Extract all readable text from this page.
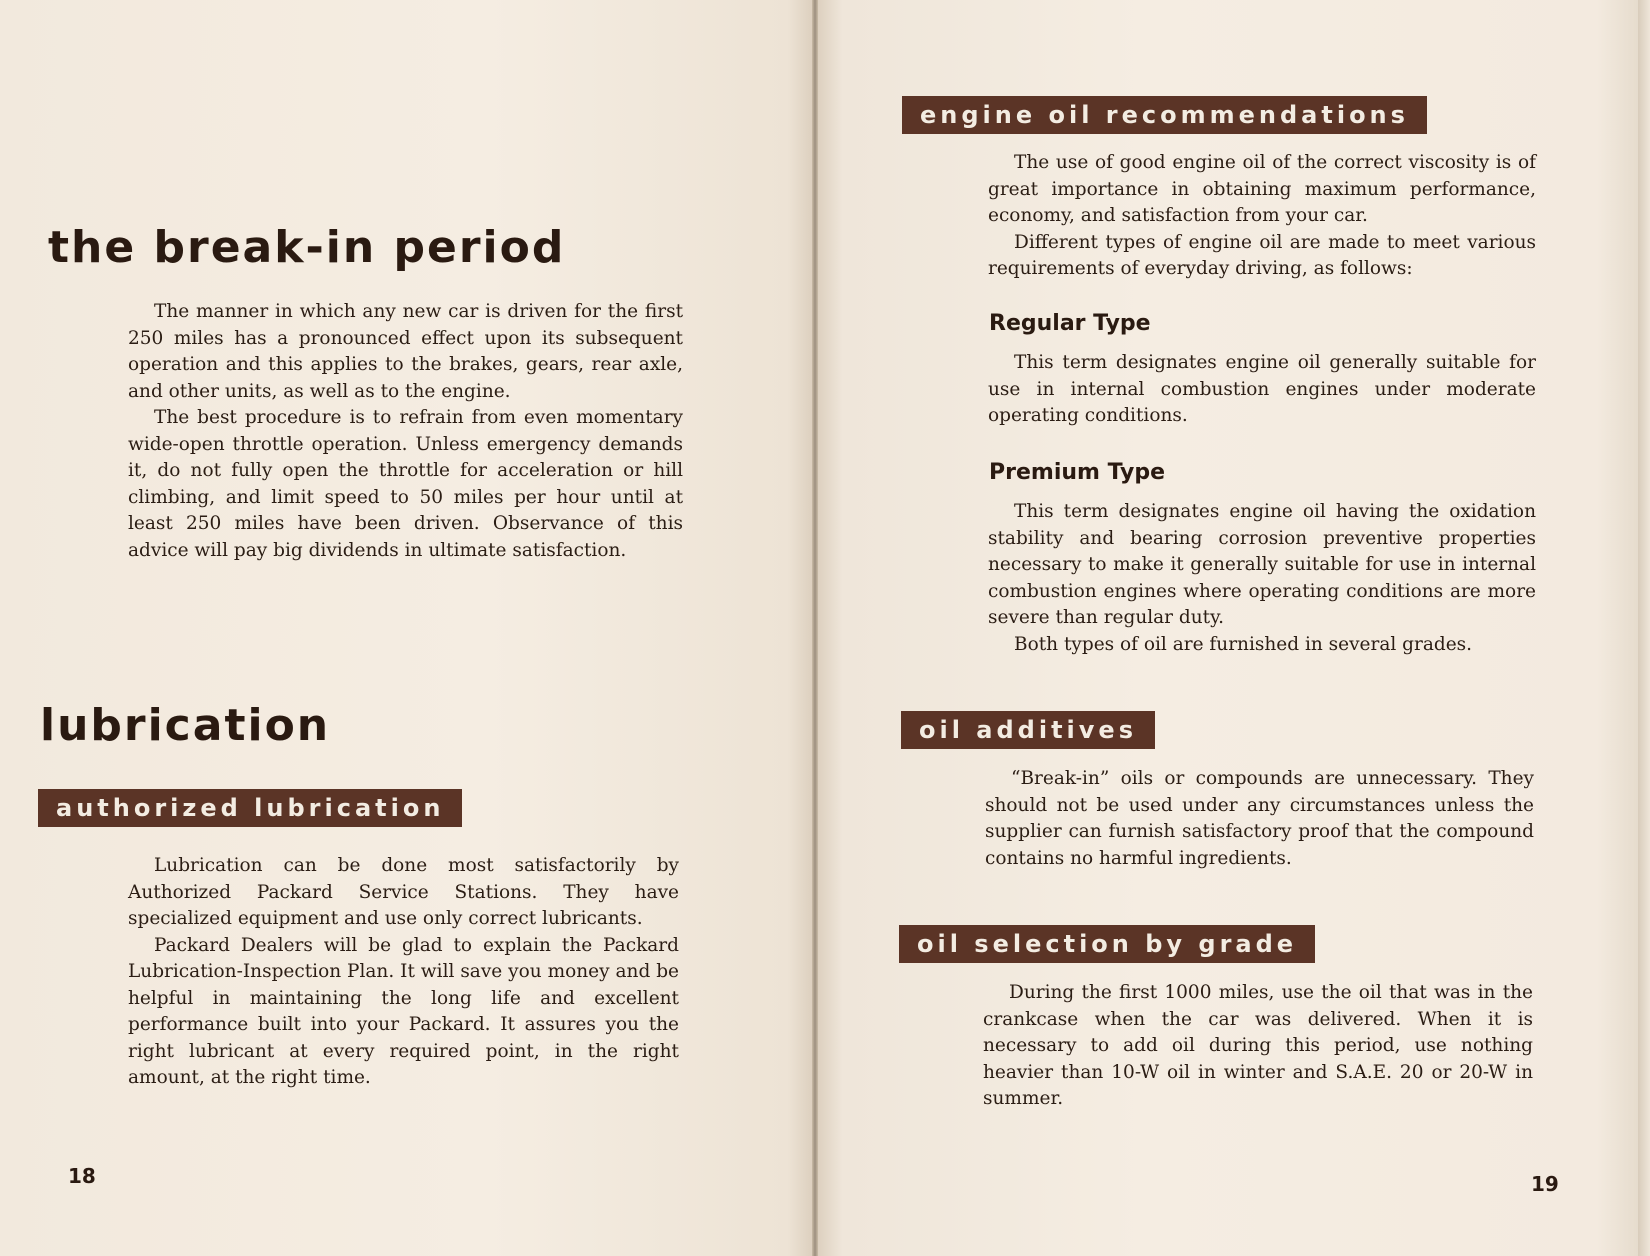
the break-in period

The manner in which any new car is driven for the first 250 miles has a pronounced effect upon its subsequent operation and this applies to the brakes, gears, rear axle, and other units, as well as to the engine.

The best procedure is to refrain from even momentary wide-open throttle operation. Unless emergency demands it, do not fully open the throttle for acceleration or hill climbing, and limit speed to 50 miles per hour until at least 250 miles have been driven. Observance of this advice will pay big dividends in ultimate satisfaction.

lubrication
authorized lubrication

Lubrication can be done most satisfactorily by Authorized Packard Service Stations. They have specialized equipment and use only correct lubricants.

Packard Dealers will be glad to explain the Packard Lubrication-Inspection Plan. It will save you money and be helpful in maintaining the long life and excellent performance built into your Packard. It assures you the right lubricant at every required point, in the right amount, at the right time.

18
engine oil recommendations

The use of good engine oil of the correct viscosity is of great importance in obtaining maximum performance, economy, and satisfaction from your car.

Different types of engine oil are made to meet various requirements of everyday driving, as follows:

Regular Type

This term designates engine oil generally suitable for use in internal combustion engines under moderate operating conditions.

Premium Type

This term designates engine oil having the oxidation stability and bearing corrosion preventive properties necessary to make it generally suitable for use in internal combustion engines where operating conditions are more severe than regular duty.

Both types of oil are furnished in several grades.

oil additives

“Break-in” oils or compounds are unnecessary. They should not be used under any circumstances unless the supplier can furnish satisfactory proof that the compound contains no harmful ingredients.

oil selection by grade

During the first 1000 miles, use the oil that was in the crankcase when the car was delivered. When it is necessary to add oil during this period, use nothing heavier than 10-W oil in winter and S.A.E. 20 or 20-W in summer.

19
